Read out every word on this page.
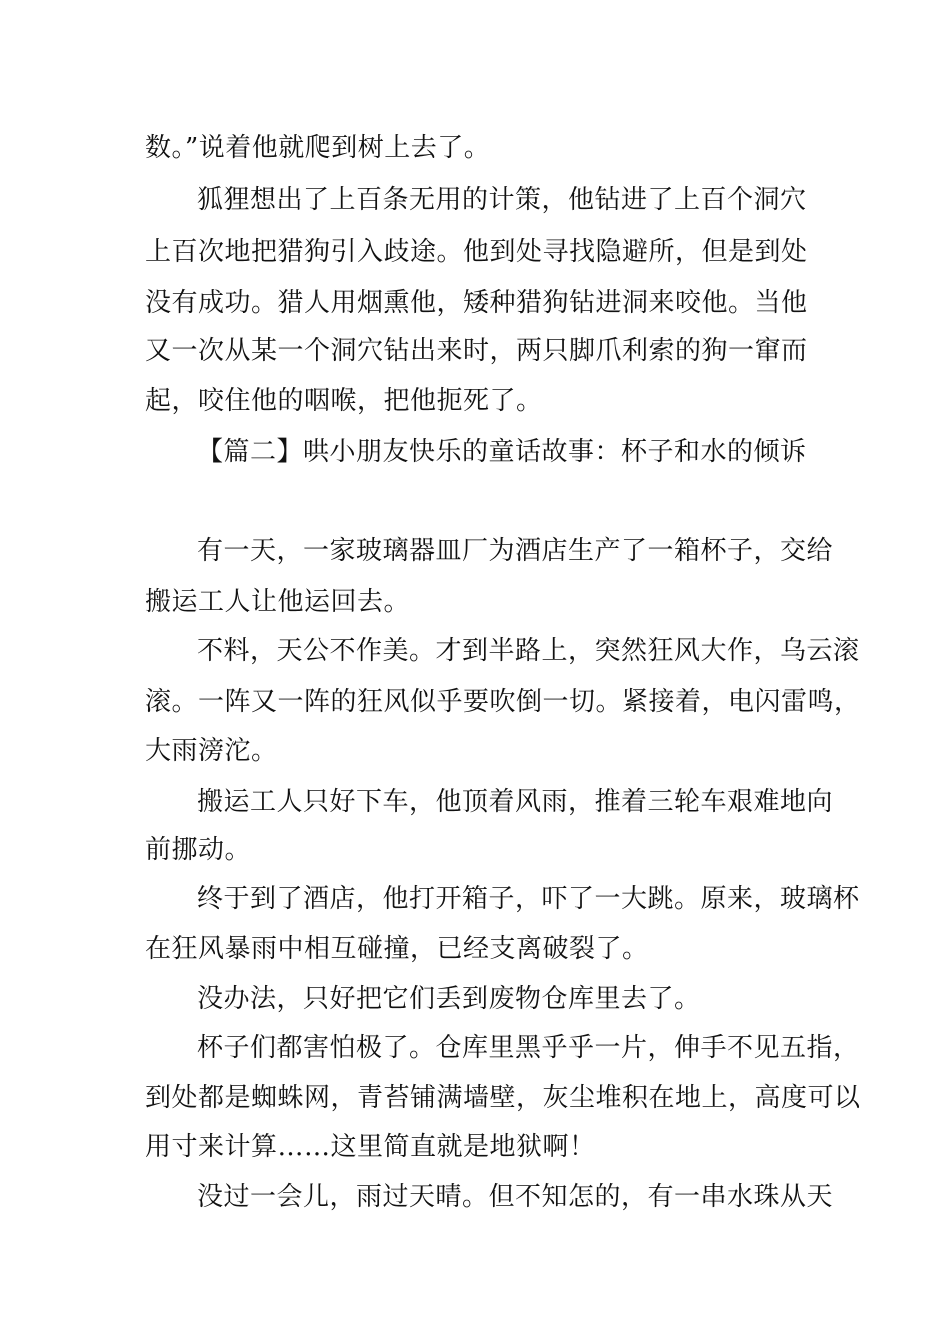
数。”说着他就爬到树上去了。
狐狸想出了上百条无用的计策，他钻进了上百个洞穴
上百次地把猎狗引入歧途。他到处寻找隐避所，但是到处
没有成功。猎人用烟熏他，矮种猎狗钻进洞来咬他。当他
又一次从某一个洞穴钻出来时，两只脚爪利索的狗一窜而
起，咬住他的咽喉，把他扼死了。
【篇二】哄小朋友快乐的童话故事：杯子和水的倾诉
有一天，一家玻璃器皿厂为酒店生产了一箱杯子，交给
搬运工人让他运回去。
不料，天公不作美。才到半路上，突然狂风大作，乌云滚
滚。一阵又一阵的狂风似乎要吹倒一切。紧接着，电闪雷鸣，
大雨滂沱。
搬运工人只好下车，他顶着风雨，推着三轮车艰难地向
前挪动。
终于到了酒店，他打开箱子，吓了一大跳。原来，玻璃杯
在狂风暴雨中相互碰撞，已经支离破裂了。
没办法，只好把它们丢到废物仓库里去了。
杯子们都害怕极了。仓库里黑乎乎一片，伸手不见五指，
到处都是蜘蛛网，青苔铺满墙壁，灰尘堆积在地上，高度可以
用寸来计算……这里简直就是地狱啊！
没过一会儿，雨过天晴。但不知怎的，有一串水珠从天
